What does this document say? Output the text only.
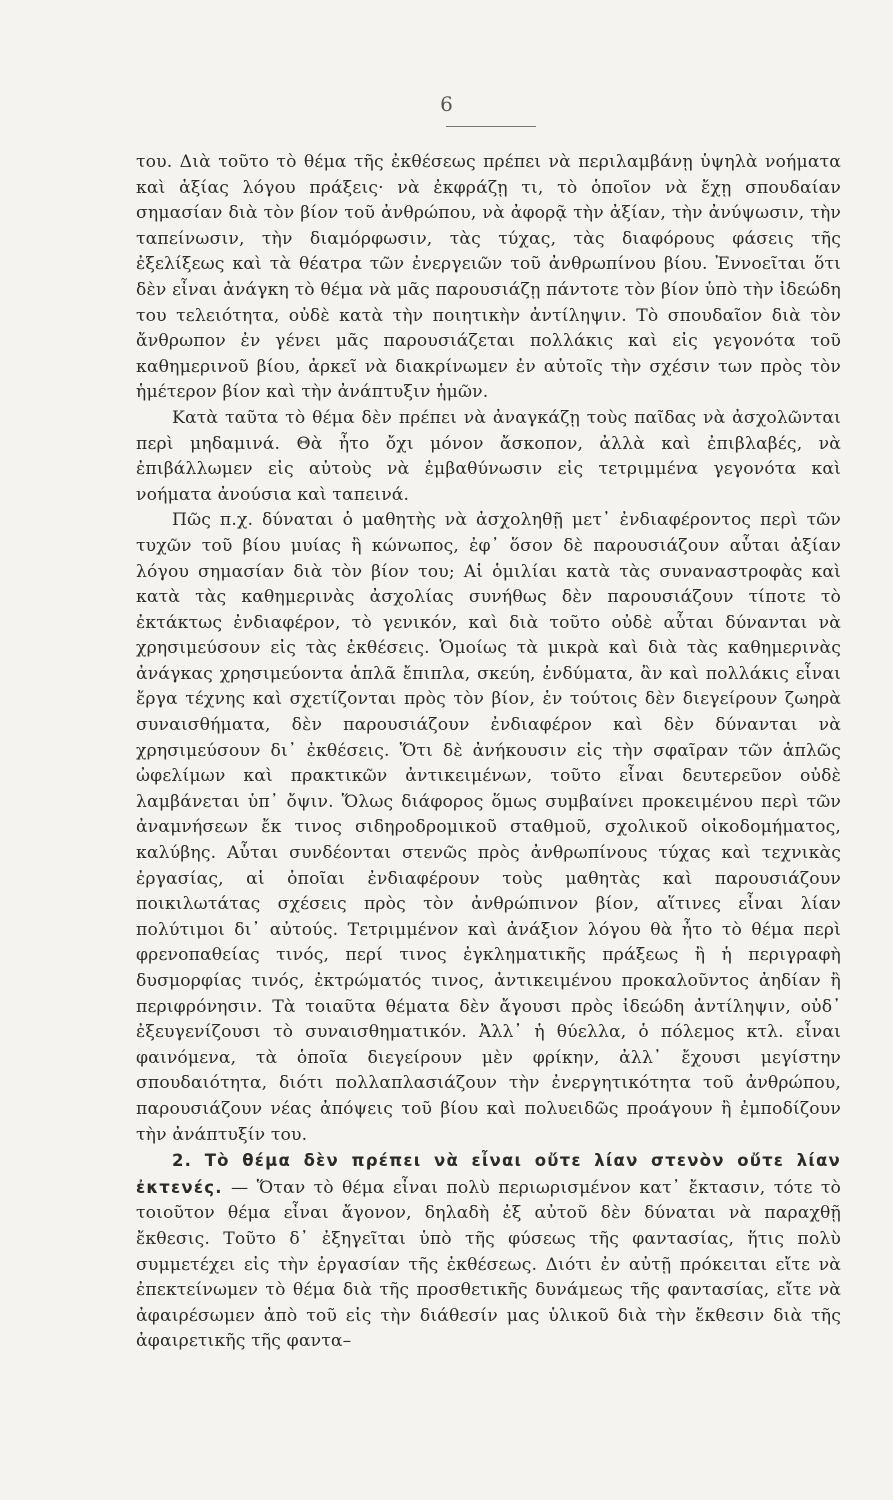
6

του. Διὰ τοῦτο τὸ θέμα τῆς ἐκθέσεως πρέπει νὰ περιλαμβάνῃ ὑψηλὰ νοήματα καὶ ἀξίας λόγου πράξεις· νὰ ἐκφράζῃ τι, τὸ ὁποῖον νὰ ἔχῃ σπουδαίαν σημασίαν διὰ τὸν βίον τοῦ ἀνθρώπου, νὰ ἀφορᾷ τὴν ἀξίαν, τὴν ἀνύψωσιν, τὴν ταπείνωσιν, τὴν διαμόρφωσιν, τὰς τύχας, τὰς διαφόρους φάσεις τῆς ἐξελίξεως καὶ τὰ θέατρα τῶν ἐνεργειῶν τοῦ ἀνθρωπίνου βίου. Ἐννοεῖται ὅτι δὲν εἶναι ἀνάγκη τὸ θέμα νὰ μᾶς παρουσιάζῃ πάντοτε τὸν βίον ὑπὸ τὴν ἰδεώδη του τελειότητα, οὐδὲ κατὰ τὴν ποιητικὴν ἀντίληψιν. Τὸ σπουδαῖον διὰ τὸν ἄνθρωπον ἐν γένει μᾶς παρουσιάζεται πολλάκις καὶ εἰς γεγονότα τοῦ καθημερινοῦ βίου, ἀρκεῖ νὰ διακρίνωμεν ἐν αὐτοῖς τὴν σχέσιν των πρὸς τὸν ἡμέτερον βίον καὶ τὴν ἀνάπτυξιν ἡμῶν.

Κατὰ ταῦτα τὸ θέμα δὲν πρέπει νὰ ἀναγκάζῃ τοὺς παῖδας νὰ ἀσχολῶνται περὶ μηδαμινά. Θὰ ἦτο ὄχι μόνον ἄσκοπον, ἀλλὰ καὶ ἐπιβλαβές, νὰ ἐπιβάλλωμεν εἰς αὐτοὺς νὰ ἐμβαθύνωσιν εἰς τετριμμένα γεγονότα καὶ νοήματα ἀνούσια καὶ ταπεινά.

Πῶς π.χ. δύναται ὁ μαθητὴς νὰ ἀσχοληθῇ μετ᾽ ἐνδιαφέροντος περὶ τῶν τυχῶν τοῦ βίου μυίας ἢ κώνωπος, ἐφ᾽ ὅσον δὲ παρουσιάζουν αὗται ἀξίαν λόγου σημασίαν διὰ τὸν βίον του; Αἱ ὁμιλίαι κατὰ τὰς συναναστροφὰς καὶ κατὰ τὰς καθημερινὰς ἀσχολίας συνήθως δὲν παρουσιάζουν τίποτε τὸ ἐκτάκτως ἐνδιαφέρον, τὸ γενικόν, καὶ διὰ τοῦτο οὐδὲ αὗται δύνανται νὰ χρησιμεύσουν εἰς τὰς ἐκθέσεις. Ὁμοίως τὰ μικρὰ καὶ διὰ τὰς καθημερινὰς ἀνάγκας χρησιμεύοντα ἁπλᾶ ἔπιπλα, σκεύη, ἐνδύματα, ἂν καὶ πολλάκις εἶναι ἔργα τέχνης καὶ σχετίζονται πρὸς τὸν βίον, ἐν τούτοις δὲν διεγείρουν ζωηρὰ συναισθήματα, δὲν παρουσιάζουν ἐνδιαφέρον καὶ δὲν δύνανται νὰ χρησιμεύσουν δι᾽ ἐκθέσεις. Ὅτι δὲ ἀνήκουσιν εἰς τὴν σφαῖραν τῶν ἁπλῶς ὠφελίμων καὶ πρακτικῶν ἀντικειμένων, τοῦτο εἶναι δευτερεῦον οὐδὲ λαμβάνεται ὑπ᾽ ὄψιν. Ὅλως διάφορος ὅμως συμβαίνει προκειμένου περὶ τῶν ἀναμνήσεων ἔκ τινος σιδηροδρομικοῦ σταθμοῦ, σχολικοῦ οἰκοδομήματος, καλύβης. Αὗται συνδέονται στενῶς πρὸς ἀνθρωπίνους τύχας καὶ τεχνικὰς ἐργασίας, αἱ ὁποῖαι ἐνδιαφέρουν τοὺς μαθητὰς καὶ παρουσιάζουν ποικιλωτάτας σχέσεις πρὸς τὸν ἀνθρώπινον βίον, αἵτινες εἶναι λίαν πολύτιμοι δι᾽ αὐτούς. Τετριμμένον καὶ ἀνάξιον λόγου θὰ ἦτο τὸ θέμα περὶ φρενοπαθείας τινός, περί τινος ἐγκληματικῆς πράξεως ἢ ἡ περιγραφὴ δυσμορφίας τινός, ἐκτρώματός τινος, ἀντικειμένου προκαλοῦντος ἀηδίαν ἢ περιφρόνησιν. Τὰ τοιαῦτα θέματα δὲν ἄγουσι πρὸς ἰδεώδη ἀντίληψιν, οὐδ᾽ ἐξευγενίζουσι τὸ συναισθηματικόν. Ἀλλ᾽ ἡ θύελλα, ὁ πόλεμος κτλ. εἶναι φαινόμενα, τὰ ὁποῖα διεγείρουν μὲν φρίκην, ἀλλ᾽ ἔχουσι μεγίστην σπουδαιότητα, διότι πολλαπλασιάζουν τὴν ἐνεργητικότητα τοῦ ἀνθρώπου, παρουσιάζουν νέας ἀπόψεις τοῦ βίου καὶ πολυειδῶς προάγουν ἢ ἐμποδίζουν τὴν ἀνάπτυξίν του.

2. Τὸ θέμα δὲν πρέπει νὰ εἶναι οὔτε λίαν στενὸν οὔτε λίαν ἐκτενές. — Ὅταν τὸ θέμα εἶναι πολὺ περιωρισμένον κατ᾽ ἔκτασιν, τότε τὸ τοιοῦτον θέμα εἶναι ἄγονον, δηλαδὴ ἐξ αὐτοῦ δὲν δύναται νὰ παραχθῇ ἔκθεσις. Τοῦτο δ᾽ ἐξηγεῖται ὑπὸ τῆς φύσεως τῆς φαντασίας, ἥτις πολὺ συμμετέχει εἰς τὴν ἐργασίαν τῆς ἐκθέσεως. Διότι ἐν αὐτῇ πρόκειται εἴτε νὰ ἐπεκτείνωμεν τὸ θέμα διὰ τῆς προσθετικῆς δυνάμεως τῆς φαντασίας, εἴτε νὰ ἀφαιρέσωμεν ἀπὸ τοῦ εἰς τὴν διάθεσίν μας ὑλικοῦ διὰ τὴν ἔκθεσιν διὰ τῆς ἀφαιρετικῆς τῆς φαντα–
